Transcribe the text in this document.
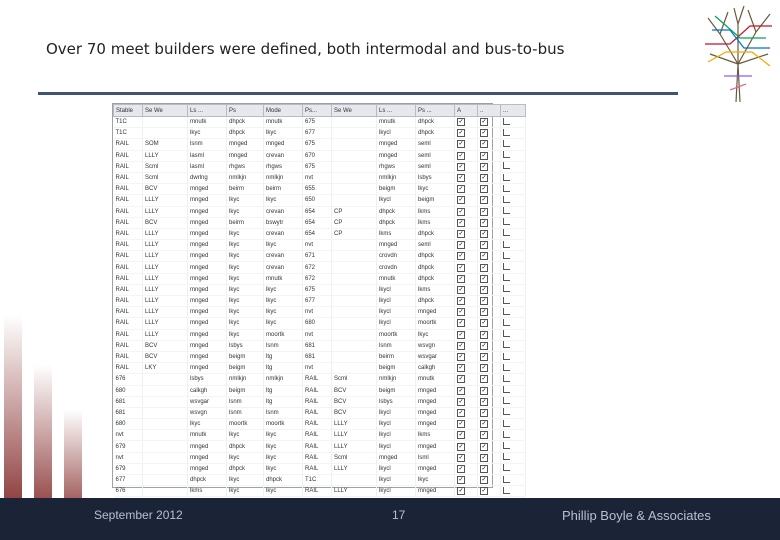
Over 70 meet builders were defined, both intermodal and bus-to-bus
Stable	Se We	Ls ...	Ps	Mode	Ps...	Se We	Ls ...	Ps ...	A	..	...
T1C		mnutk	dhpck	mnutk	675		mnutk	dhpck	✓	✓	
T1C		lkyc	dhpck	lkyc	677		lkycl	dhpck	✓	✓	
RAIL	SOM	lsnm	mnged	mnged	675		mnged	seml	✓	✓	
RAIL	LLLY	lasml	mnged	crevan	670		mnged	seml	✓	✓	
RAIL	Scml	lasml	rhgws	rhgws	675		rhgws	seml	✓	✓	
RAIL	Scml	dwrlng	nmlkjn	nmlkjn	nvt		nmlkjn	lsbys	✓	✓	
RAIL	BCV	mnged	beirm	beirm	655		beigm	lkyc	✓	✓	
RAIL	LLLY	mnged	lkyc	lkyc	650		lkycl	beigm	✓	✓	
RAIL	LLLY	mnged	lkyc	crevan	654	CP	dhpck	lkms	✓	✓	
RAIL	BCV	mnged	beirm	bswytr	654	CP	dhpck	lkms	✓	✓	
RAIL	LLLY	mnged	lkyc	crevan	654	CP	lkms	dhpck	✓	✓	
RAIL	LLLY	mnged	lkyc	lkyc	nvt		mnged	seml	✓	✓	
RAIL	LLLY	mnged	lkyc	crevan	671		crovdn	dhpck	✓	✓	
RAIL	LLLY	mnged	lkyc	crevan	672		crovdn	dhpck	✓	✓	
RAIL	LLLY	mnged	lkyc	mnutk	672		mnutk	dhpck	✓	✓	
RAIL	LLLY	mnged	lkyc	lkyc	675		lkycl	lkms	✓	✓	
RAIL	LLLY	mnged	lkyc	lkyc	677		lkycl	dhpck	✓	✓	
RAIL	LLLY	mnged	lkyc	lkyc	nvt		lkycl	mnged	✓	✓	
RAIL	LLLY	mnged	lkyc	lkyc	680		lkycl	moortk	✓	✓	
RAIL	LLLY	mnged	lkyc	moortk	nvt		moortk	lkyc	✓	✓	
RAIL	BCV	mnged	lsbys	lsnm	681		lsnm	wsvgn	✓	✓	
RAIL	BCV	mnged	beigm	ltg	681		beirm	wsvgar	✓	✓	
RAIL	LKY	mnged	beigm	ltg	nvt		beigm	calkgh	✓	✓	
676		lsbys	nmlkjn	nmlkjn	RAIL	Scml	nmlkjn	mnutk	✓	✓	
680		calkgh	beigm	ltg	RAIL	BCV	beigm	mnged	✓	✓	
681		wsvgar	lsnm	ltg	RAIL	BCV	lsbys	mnged	✓	✓	
681		wsvgn	lsnm	lsnm	RAIL	BCV	lkycl	mnged	✓	✓	
680		lkyc	moortk	moortk	RAIL	LLLY	lkycl	mnged	✓	✓	
nvt		mnutk	lkyc	lkyc	RAIL	LLLY	lkycl	lkms	✓	✓	
679		mnged	dhpck	lkyc	RAIL	LLLY	lkycl	mnged	✓	✓	
nvt		mnged	lkyc	lkyc	RAIL	Scml	mnged	lsml	✓	✓	
679		mnged	dhpck	lkyc	RAIL	LLLY	lkycl	mnged	✓	✓	
677		dhpck	lkyc	dhpck	T1C		lkycl	lkyc	✓	✓	
676		lkms	lkyc	lkyc	RAIL	LLLY	lkycl	mnged	✓	✓	
September 2012	17	Phillip Boyle & Associates
